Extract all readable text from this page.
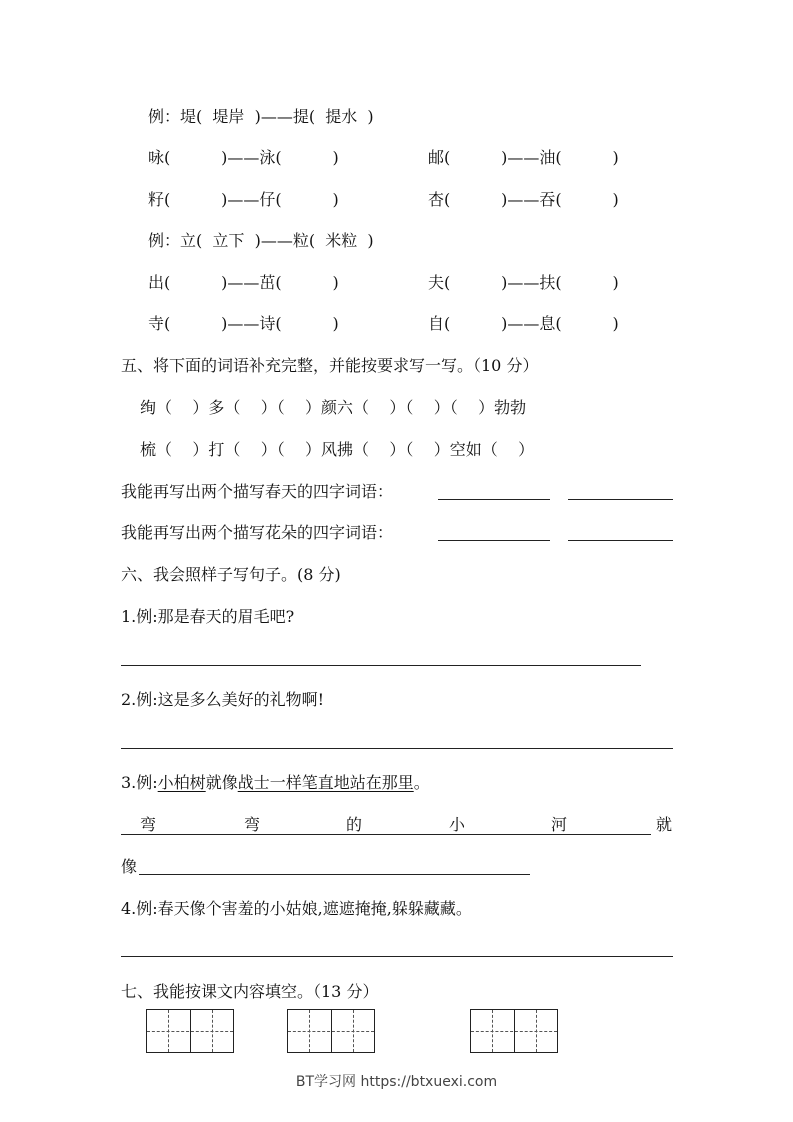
例：堤(  堤岸  )——提(  提水  )
咏(          )——泳(          )	邮(          )——油(          )
籽(          )——仔(          )	杏(          )——吞(          )
例：立(  立下  )——粒(  米粒  )
出(          )——茁(          )	夫(          )——扶(          )
寺(          )——诗(          )	自(          )——息(          )
五、将下面的词语补充完整，并能按要求写一写。（10 分）
绚（    ）多（    ）（    ）颜六（    ）（    ）（    ）勃勃
梳（    ）打（    ）（    ）风拂（    ）（    ）空如（    ）
我能再写出两个描写春天的四字词语：
我能再写出两个描写花朵的四字词语：
六、我会照样子写句子。(8 分)
1.例:那是春天的眉毛吧?
2.例:这是多么美好的礼物啊!
3.例:小柏树就像战士一样笔直地站在那里。
弯	弯	的	小	河	就
像
4.例:春天像个害羞的小姑娘,遮遮掩掩,躲躲藏藏。
七、我能按课文内容填空。（13 分）
BT学习网 https://btxuexi.com
